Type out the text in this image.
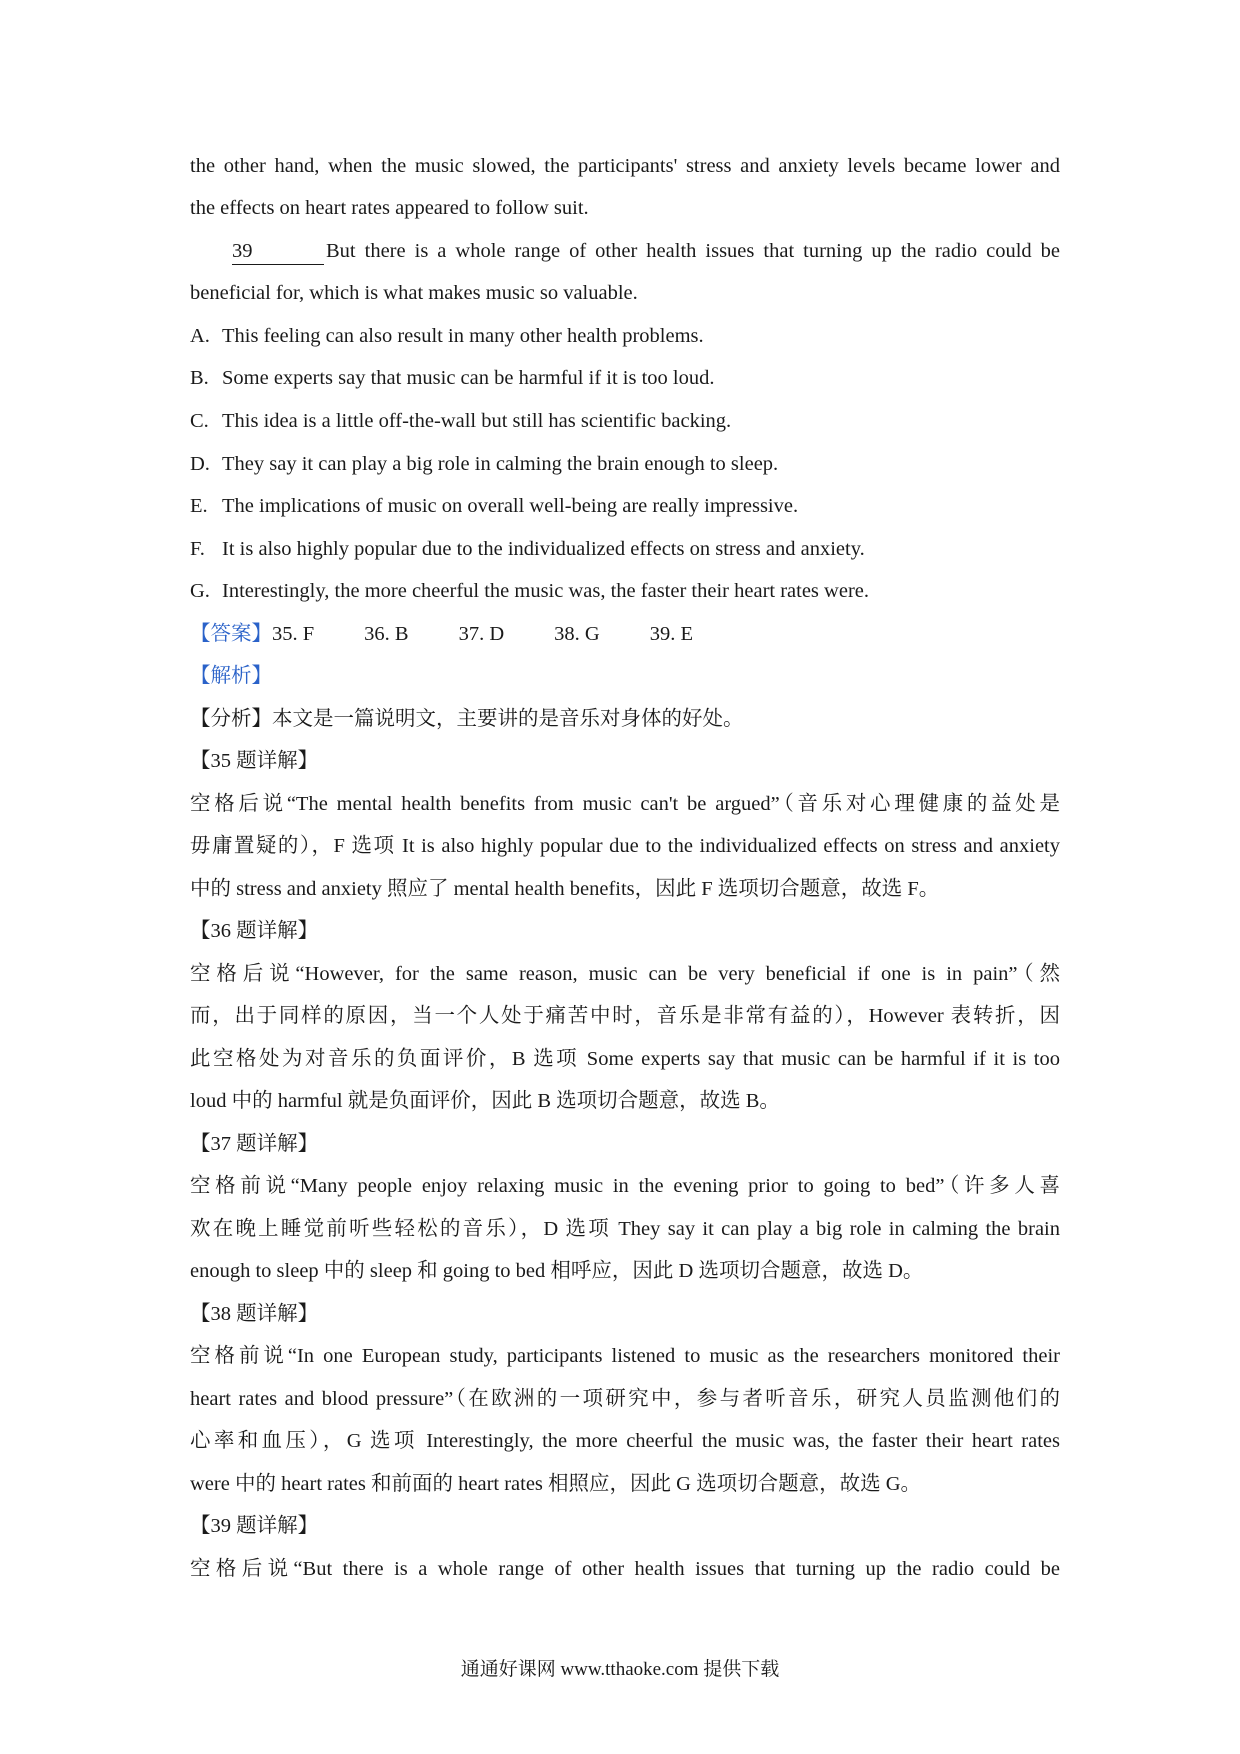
the other hand, when the music slowed, the participants' stress and anxiety levels became lower and
the effects on heart rates appeared to follow suit.
39	But there is a whole range of other health issues that turning up the radio could be
beneficial for, which is what makes music so valuable.
A. This feeling can also result in many other health problems.
B. Some experts say that music can be harmful if it is too loud.
C. This idea is a little off-the-wall but still has scientific backing.
D. They say it can play a big role in calming the brain enough to sleep.
E. The implications of music on overall well-being are really impressive.
F. It is also highly popular due to the individualized effects on stress and anxiety.
G. Interestingly, the more cheerful the music was, the faster their heart rates were.
【答案】35. F 36. B 37. D 38. G 39. E
【解析】
【分析】本文是一篇说明文，主要讲的是音乐对身体的好处。
【35 题详解】
空格后说“The mental health benefits from music can't be argued”（音乐对心理健康的益处是
毋庸置疑的），F 选项 It is also highly popular due to the individualized effects on stress and anxiety
中的 stress and anxiety 照应了 mental health benefits，因此 F 选项切合题意，故选 F。
【36 题详解】
空格后说“However, for the same reason, music can be very beneficial if one is in pain”（然
而，出于同样的原因，当一个人处于痛苦中时，音乐是非常有益的），However 表转折，因
此空格处为对音乐的负面评价，B 选项 Some experts say that music can be harmful if it is too
loud 中的 harmful 就是负面评价，因此 B 选项切合题意，故选 B。
【37 题详解】
空格前说“Many people enjoy relaxing music in the evening prior to going to bed”（许多人喜
欢在晚上睡觉前听些轻松的音乐），D 选项 They say it can play a big role in calming the brain
enough to sleep 中的 sleep 和 going to bed 相呼应，因此 D 选项切合题意，故选 D。
【38 题详解】
空格前说“In one European study, participants listened to music as the researchers monitored their
heart rates and blood pressure”（在欧洲的一项研究中，参与者听音乐，研究人员监测他们的
心率和血压），G 选项 Interestingly, the more cheerful the music was, the faster their heart rates
were 中的 heart rates 和前面的 heart rates 相照应，因此 G 选项切合题意，故选 G。
【39 题详解】
空格后说“But there is a whole range of other health issues that turning up the radio could be
通通好课网 www.tthaoke.com 提供下载
